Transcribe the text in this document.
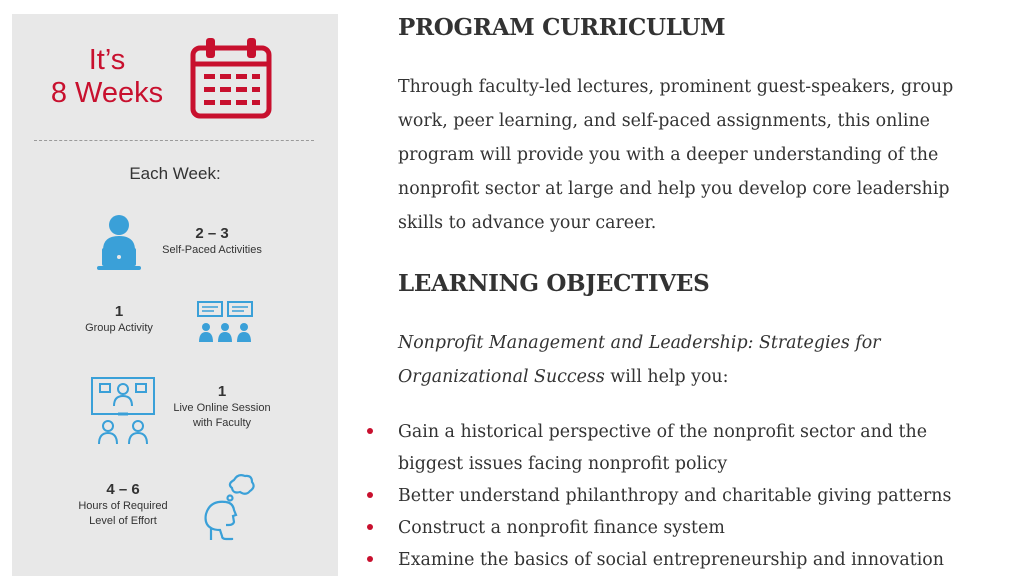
It’s
8 Weeks
Each Week:
2 – 3
Self-Paced Activities
1
Group Activity
1
Live Online Session
with Faculty
4 – 6
Hours of Required
Level of Effort
PROGRAM CURRICULUM

Through faculty-led lectures, prominent guest-speakers, group
work, peer learning, and self-paced assignments, this online
program will provide you with a deeper understanding of the
nonprofit sector at large and help you develop core leadership
skills to advance your career.

LEARNING OBJECTIVES

Nonprofit Management and Leadership: Strategies for
Organizational Success will help you:

Gain a historical perspective of the nonprofit sector and the
biggest issues facing nonprofit policy
Better understand philanthropy and charitable giving patterns
Construct a nonprofit finance system
Examine the basics of social entrepreneurship and innovation
